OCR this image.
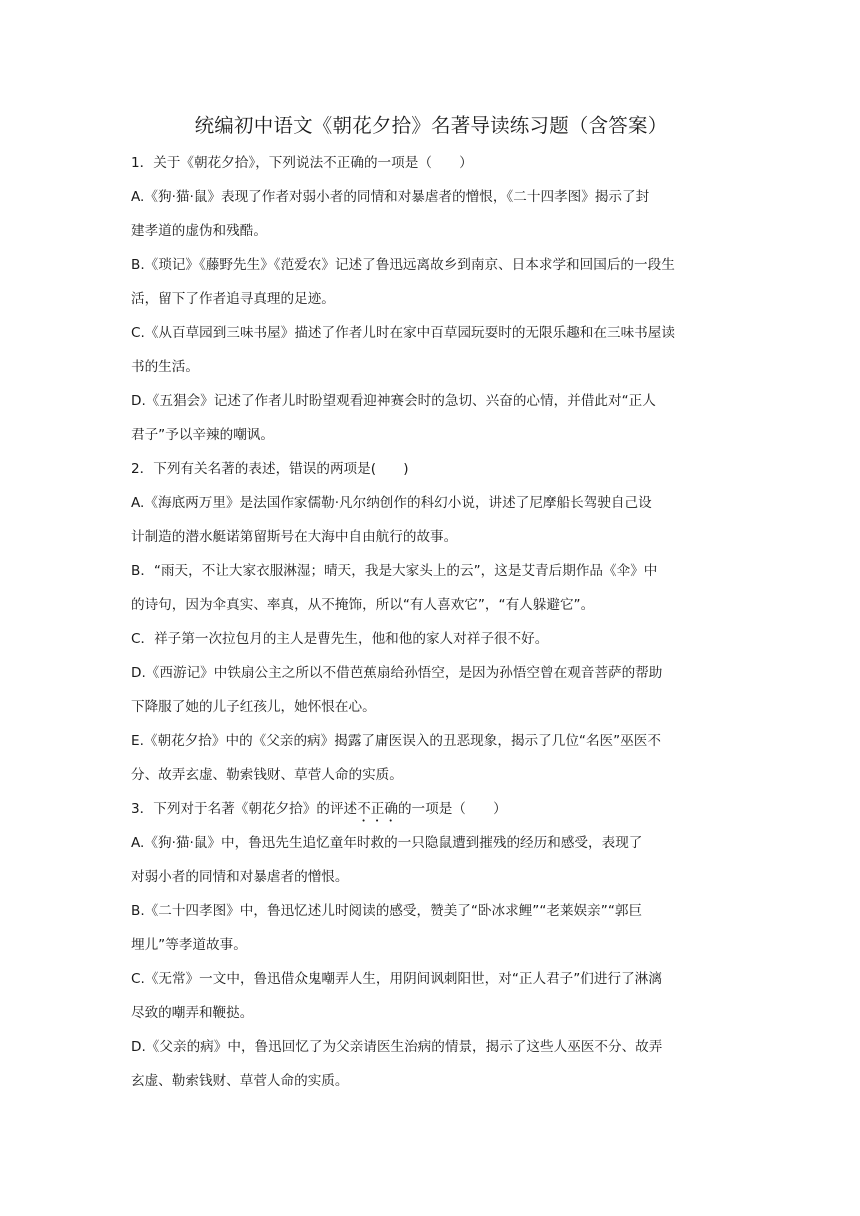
统编初中语文《朝花夕拾》名著导读练习题（含答案）

1．关于《朝花夕拾》，下列说法不正确的一项是（　　）

A.《狗·猫·鼠》表现了作者对弱小者的同情和对暴虐者的憎恨，《二十四孝图》揭示了封

建孝道的虚伪和残酷。

B.《琐记》《藤野先生》《范爱农》记述了鲁迅远离故乡到南京、日本求学和回国后的一段生

活，留下了作者追寻真理的足迹。

C.《从百草园到三味书屋》描述了作者儿时在家中百草园玩耍时的无限乐趣和在三味书屋读

书的生活。

D.《五猖会》记述了作者儿时盼望观看迎神赛会时的急切、兴奋的心情，并借此对“正人

君子”予以辛辣的嘲讽。

2．下列有关名著的表述，错误的两项是(　　)

A.《海底两万里》是法国作家儒勒·凡尔纳创作的科幻小说，讲述了尼摩船长驾驶自己设

计制造的潜水艇诺第留斯号在大海中自由航行的故事。

B．“雨天，不让大家衣服淋湿；晴天，我是大家头上的云”，这是艾青后期作品《伞》中

的诗句，因为伞真实、率真，从不掩饰，所以“有人喜欢它”，“有人躲避它”。

C．祥子第一次拉包月的主人是曹先生，他和他的家人对祥子很不好。

D.《西游记》中铁扇公主之所以不借芭蕉扇给孙悟空，是因为孙悟空曾在观音菩萨的帮助

下降服了她的儿子红孩儿，她怀恨在心。

E.《朝花夕拾》中的《父亲的病》揭露了庸医误入的丑恶现象，揭示了几位“名医”巫医不

分、故弄玄虚、勒索钱财、草菅人命的实质。

3．下列对于名著《朝花夕拾》的评述不正确的一项是（　　）

A.《狗·猫·鼠》中，鲁迅先生追忆童年时救的一只隐鼠遭到摧残的经历和感受，表现了

对弱小者的同情和对暴虐者的憎恨。

B.《二十四孝图》中，鲁迅忆述儿时阅读的感受，赞美了“卧冰求鲤”“老莱娱亲”“郭巨

埋儿”等孝道故事。

C.《无常》一文中，鲁迅借众鬼嘲弄人生，用阴间讽刺阳世，对“正人君子”们进行了淋漓

尽致的嘲弄和鞭挞。

D.《父亲的病》中，鲁迅回忆了为父亲请医生治病的情景，揭示了这些人巫医不分、故弄

玄虚、勒索钱财、草菅人命的实质。
